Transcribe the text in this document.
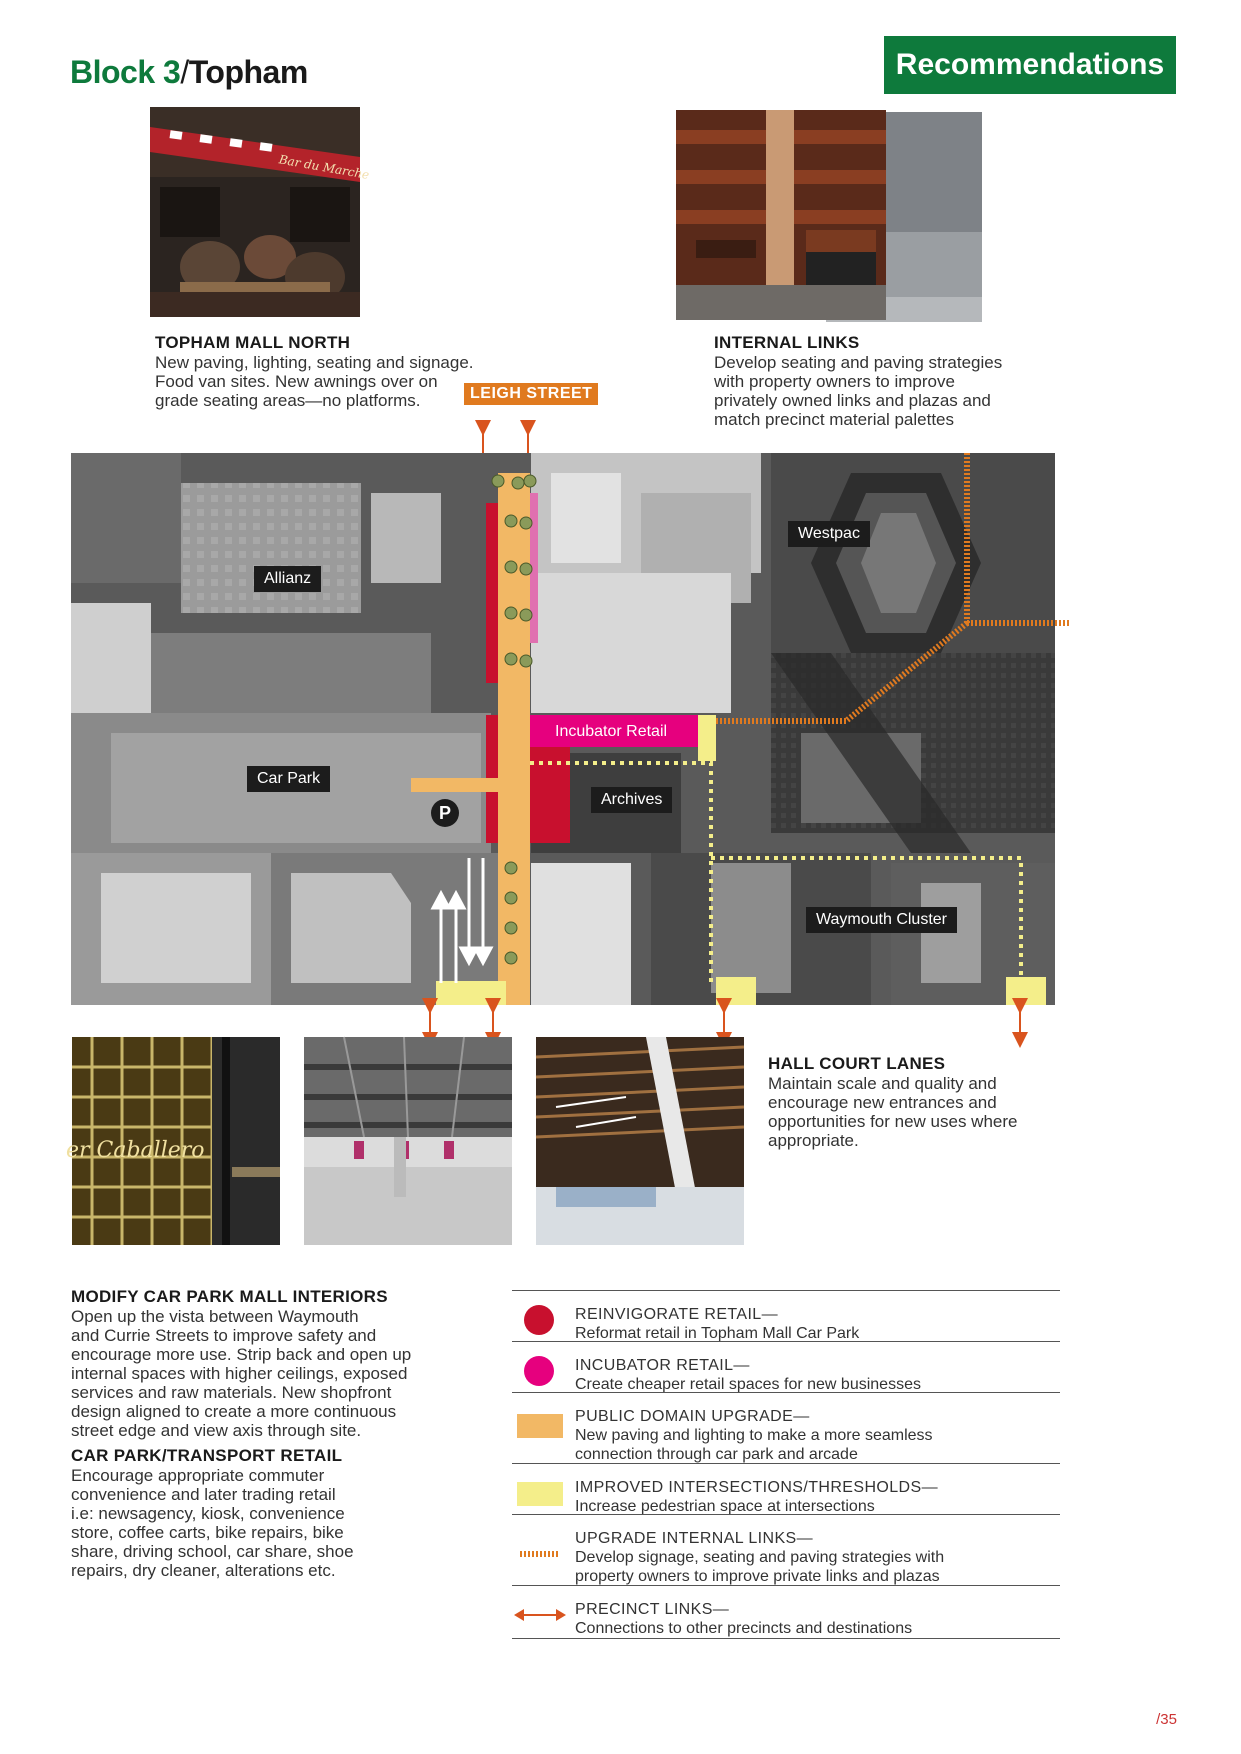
Block 3/Topham	Recommendations
Bar du Marche
TOPHAM MALL NORTH
New paving, lighting, seating and signage.
Food van sites. New awnings over on
grade seating areas—no platforms.	LEIGH STREET
INTERNAL LINKS
Develop seating and paving strategies
with property owners to improve
privately owned links and plazas and
match precinct material palettes
P
Allianz
Westpac
Incubator Retail
Car Park
Archives
Waymouth Cluster
er Caballero
HALL COURT LANES
Maintain scale and quality and
encourage new entrances and
opportunities for new uses where
appropriate.
MODIFY CAR PARK MALL INTERIORS
Open up the vista between Waymouth
and Currie Streets to improve safety and
encourage more use. Strip back and open up
internal spaces with higher ceilings, exposed
services and raw materials. New shopfront
design aligned to create a more continuous
street edge and view axis through site.
CAR PARK/TRANSPORT RETAIL
Encourage appropriate commuter
convenience and later trading retail
i.e: newsagency, kiosk, convenience
store, coffee carts, bike repairs, bike
share, driving school, car share, shoe
repairs, dry cleaner, alterations etc.
REINVIGORATE RETAIL—
Reformat retail in Topham Mall Car Park
INCUBATOR RETAIL—
Create cheaper retail spaces for new businesses
PUBLIC DOMAIN UPGRADE—
New paving and lighting to make a more seamless
connection through car park and arcade
IMPROVED INTERSECTIONS/THRESHOLDS—
Increase pedestrian space at intersections
UPGRADE INTERNAL LINKS—
Develop signage, seating and paving strategies with
property owners to improve private links and plazas
PRECINCT LINKS—
Connections to other precincts and destinations
/35
